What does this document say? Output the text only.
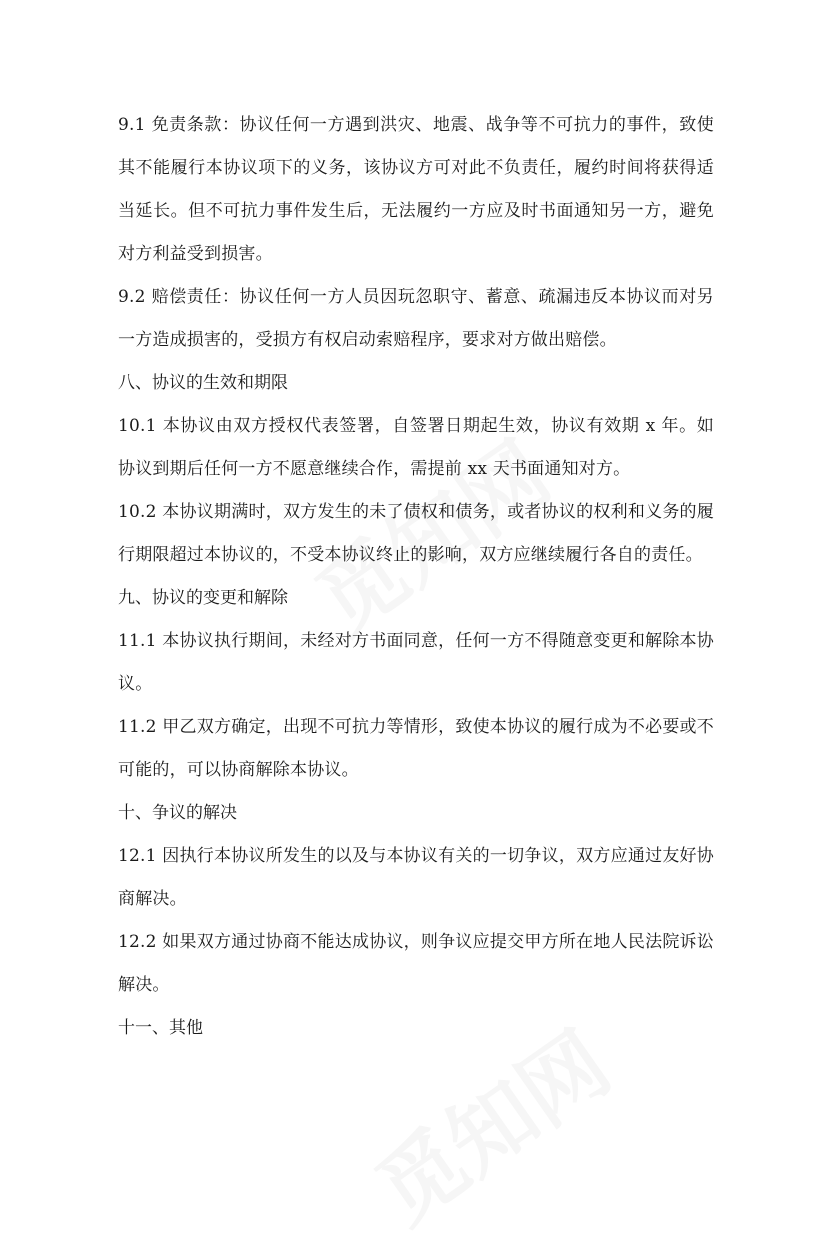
9.1 免责条款：协议任何一方遇到洪灾、地震、战争等不可抗力的事件，致使其不能履行本协议项下的义务，该协议方可对此不负责任，履约时间将获得适当延长。但不可抗力事件发生后，无法履约一方应及时书面通知另一方，避免对方利益受到损害。

9.2 赔偿责任：协议任何一方人员因玩忽职守、蓄意、疏漏违反本协议而对另一方造成损害的，受损方有权启动索赔程序，要求对方做出赔偿。

八、协议的生效和期限

10.1 本协议由双方授权代表签署，自签署日期起生效，协议有效期 x 年。如协议到期后任何一方不愿意继续合作，需提前 xx 天书面通知对方。

10.2 本协议期满时，双方发生的未了债权和债务，或者协议的权利和义务的履行期限超过本协议的，不受本协议终止的影响，双方应继续履行各自的责任。

九、协议的变更和解除

11.1 本协议执行期间，未经对方书面同意，任何一方不得随意变更和解除本协议。

11.2 甲乙双方确定，出现不可抗力等情形，致使本协议的履行成为不必要或不可能的，可以协商解除本协议。

十、争议的解决

12.1 因执行本协议所发生的以及与本协议有关的一切争议，双方应通过友好协商解决。

12.2 如果双方通过协商不能达成协议，则争议应提交甲方所在地人民法院诉讼解决。

十一、其他
